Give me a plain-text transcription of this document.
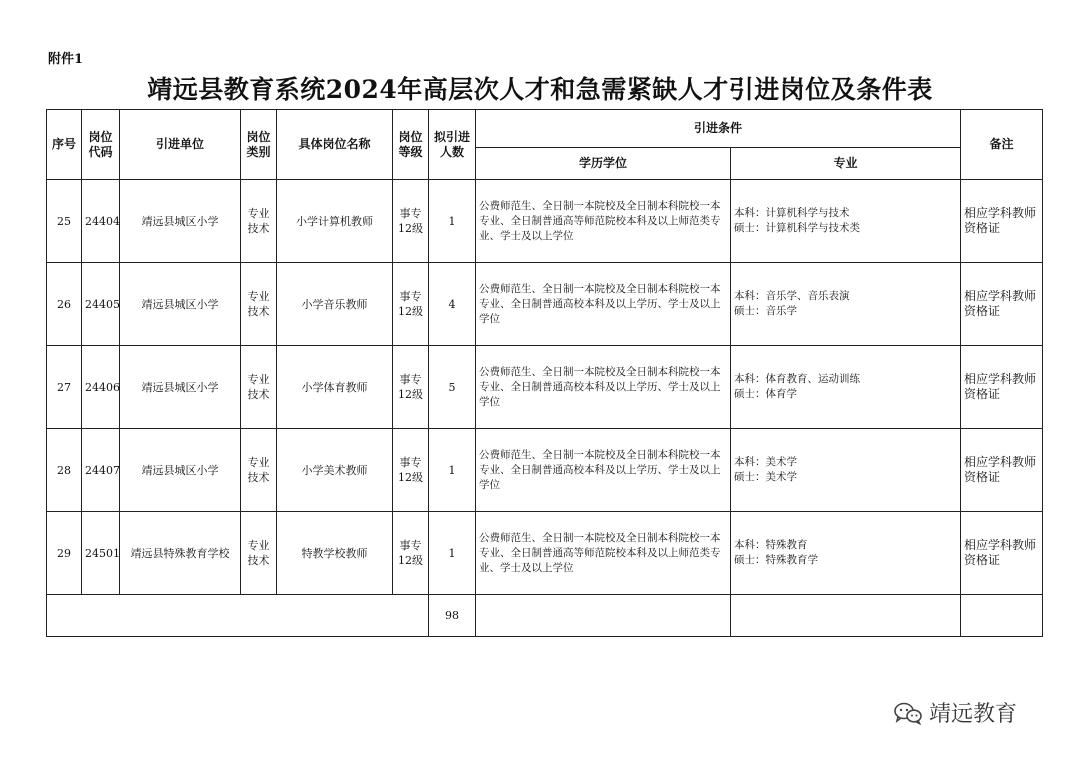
附件1
靖远县教育系统2024年高层次人才和急需紧缺人才引进岗位及条件表
序号	岗位代码	引进单位	岗位类别	具体岗位名称	岗位等级	拟引进人数	引进条件		备注
							学历学位	专业	
25	24404	靖远县城区小学	专业技术	小学计算机教师	事专12级	1	公费师范生、全日制一本院校及全日制本科院校一本专业、全日制普通高等师范院校本科及以上师范类专业、学士及以上学位	本科：计算机科学与技术
硕士：计算机科学与技术类	相应学科教师资格证
26	24405	靖远县城区小学	专业技术	小学音乐教师	事专12级	4	公费师范生、全日制一本院校及全日制本科院校一本专业、全日制普通高校本科及以上学历、学士及以上学位	本科：音乐学、音乐表演
硕士：音乐学	相应学科教师资格证
27	24406	靖远县城区小学	专业技术	小学体育教师	事专12级	5	公费师范生、全日制一本院校及全日制本科院校一本专业、全日制普通高校本科及以上学历、学士及以上学位	本科：体育教育、运动训练
硕士：体育学	相应学科教师资格证
28	24407	靖远县城区小学	专业技术	小学美术教师	事专12级	1	公费师范生、全日制一本院校及全日制本科院校一本专业、全日制普通高校本科及以上学历、学士及以上学位	本科：美术学
硕士：美术学	相应学科教师资格证
29	24501	靖远县特殊教育学校	专业技术	特教学校教师	事专12级	1	公费师范生、全日制一本院校及全日制本科院校一本专业、全日制普通高等师范院校本科及以上师范类专业、学士及以上学位	本科：特殊教育
硕士：特殊教育学	相应学科教师资格证
						98			
靖远教育
